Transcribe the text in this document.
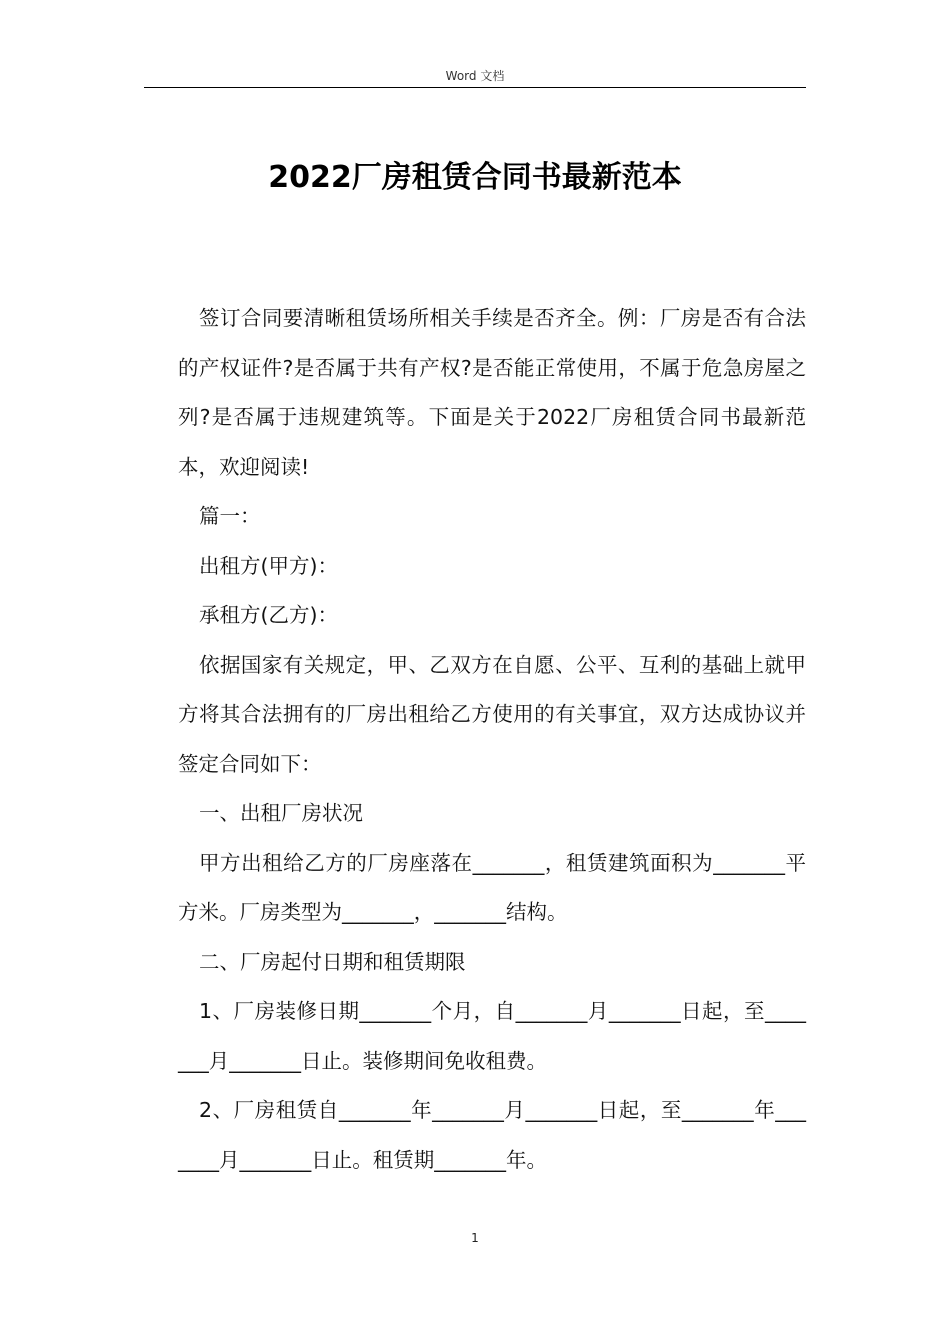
Word 文档
2022厂房租赁合同书最新范本

签订合同要清晰租赁场所相关手续是否齐全。例：厂房是否有合法的产权证件?是否属于共有产权?是否能正常使用，不属于危急房屋之列?是否属于违规建筑等。下面是关于2022厂房租赁合同书最新范本，欢迎阅读!

篇一：

出租方(甲方)：

承租方(乙方)：

依据国家有关规定，甲、乙双方在自愿、公平、互利的基础上就甲方将其合法拥有的厂房出租给乙方使用的有关事宜，双方达成协议并签定合同如下：

一、出租厂房状况

甲方出租给乙方的厂房座落在_______，租赁建筑面积为_______平方米。厂房类型为_______，_______结构。

二、厂房起付日期和租赁期限

1、厂房装修日期_______个月，自_______月_______日起，至_______月_______日止。装修期间免收租费。

2、厂房租赁自_______年_______月_______日起，至_______年_______月_______日止。租赁期_______年。

1
